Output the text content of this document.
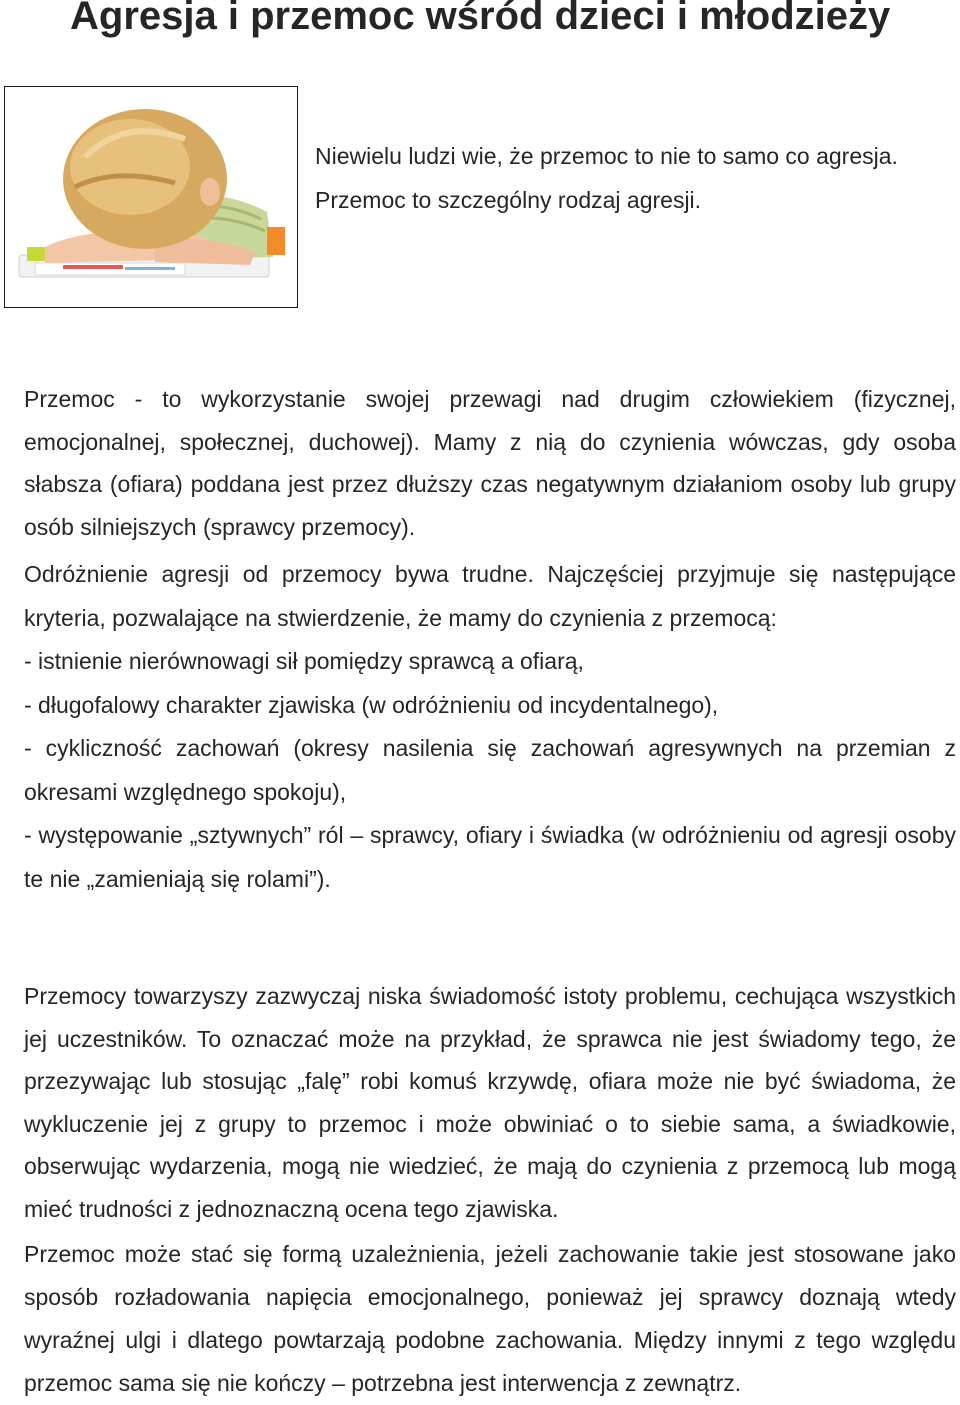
Agresja i przemoc wśród dzieci i młodzieży

Niewielu ludzi wie, że przemoc to nie to samo co agresja.

Przemoc to szczególny rodzaj agresji.

Przemoc - to wykorzystanie swojej przewagi nad drugim człowiekiem (fizycznej, emocjonalnej, społecznej, duchowej). Mamy z nią do czynienia wówczas, gdy osoba słabsza (ofiara) poddana jest przez dłuższy czas negatywnym działaniom osoby lub grupy osób silniejszych (sprawcy przemocy).

Odróżnienie agresji od przemocy bywa trudne. Najczęściej przyjmuje się następujące kryteria, pozwalające na stwierdzenie, że mamy do czynienia z przemocą:
- istnienie nierównowagi sił pomiędzy sprawcą a ofiarą,
- długofalowy charakter zjawiska (w odróżnieniu od incydentalnego),
- cykliczność zachowań (okresy nasilenia się zachowań agresywnych na przemian z okresami względnego spokoju),
- występowanie „sztywnych” ról – sprawcy, ofiary i świadka (w odróżnieniu od agresji osoby te nie „zamieniają się rolami”).

Przemocy towarzyszy zazwyczaj niska świadomość istoty problemu, cechująca wszystkich jej uczestników. To oznaczać może na przykład, że sprawca nie jest świadomy tego, że przezywając lub stosując „falę” robi komuś krzywdę, ofiara może nie być świadoma, że wykluczenie jej z grupy to przemoc i może obwiniać o to siebie sama, a świadkowie, obserwując wydarzenia, mogą nie wiedzieć, że mają do czynienia z przemocą lub mogą mieć trudności z jednoznaczną ocena tego zjawiska.

Przemoc może stać się formą uzależnienia, jeżeli zachowanie takie jest stosowane jako sposób rozładowania napięcia emocjonalnego, ponieważ jej sprawcy doznają wtedy wyraźnej ulgi i dlatego powtarzają podobne zachowania. Między innymi z tego względu przemoc sama się nie kończy – potrzebna jest interwencja z zewnątrz.
